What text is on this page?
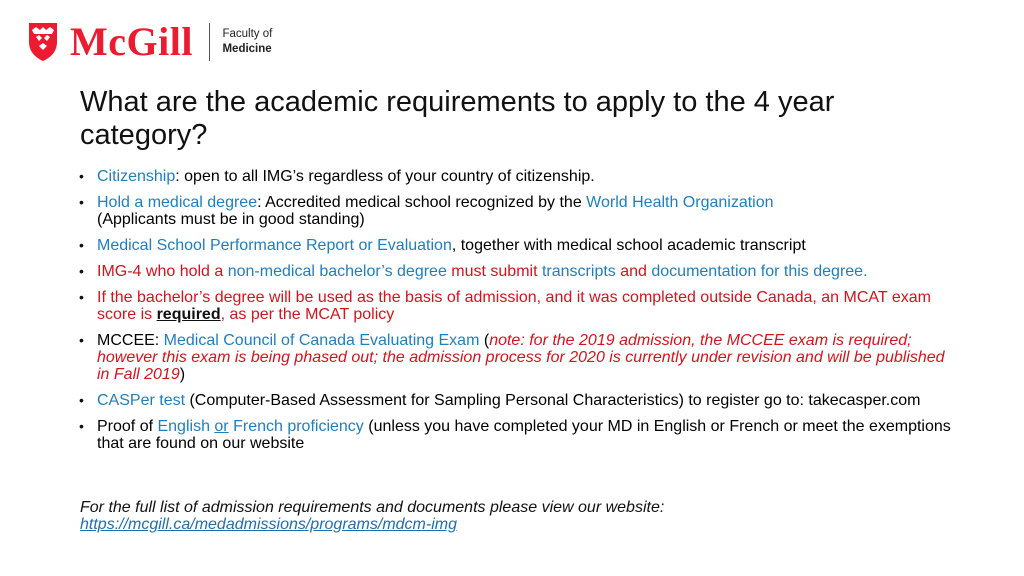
McGill	Faculty of
Medicine
What are the academic requirements to apply to the 4 year category?
• Citizenship: open to all IMG’s regardless of your country of citizenship.
• Hold a medical degree: Accredited medical school recognized by the World Health Organization
(Applicants must be in good standing)
• Medical School Performance Report or Evaluation, together with medical school academic transcript
• IMG-4 who hold a non-medical bachelor’s degree must submit transcripts and documentation for this degree.
• If the bachelor’s degree will be used as the basis of admission, and it was completed outside Canada, an MCAT exam score is required, as per the MCAT policy
• MCCEE: Medical Council of Canada Evaluating Exam (note: for the 2019 admission, the MCCEE exam is required; however this exam is being phased out; the admission process for 2020 is currently under revision and will be published in Fall 2019)
• CASPer test (Computer-Based Assessment for Sampling Personal Characteristics) to register go to: takecasper.com
• Proof of English or French proficiency (unless you have completed your MD in English or French or meet the exemptions that are found on our website
For the full list of admission requirements and documents please view our website:
https://mcgill.ca/medadmissions/programs/mdcm-img
